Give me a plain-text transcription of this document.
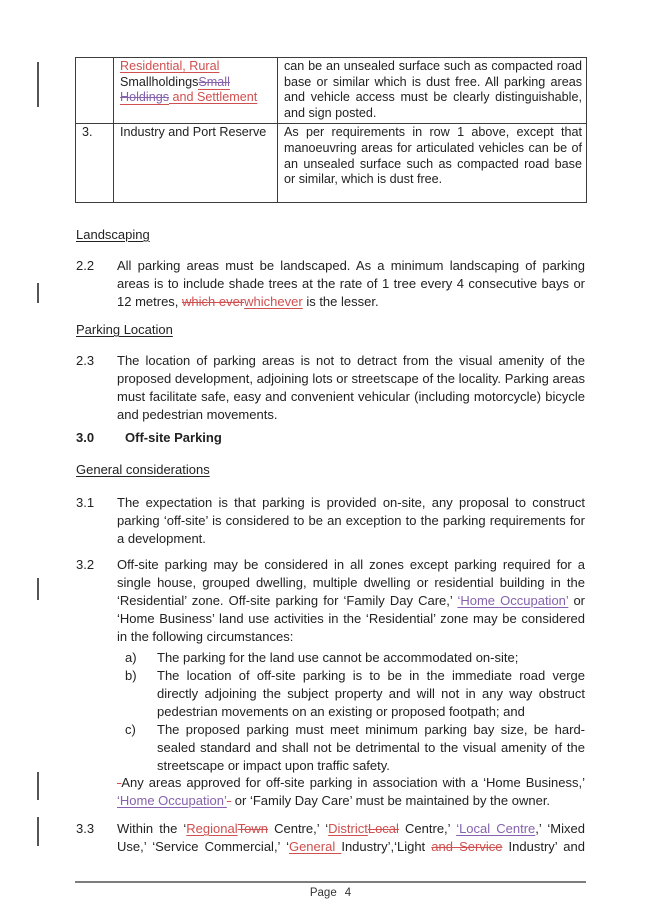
	Residential, Rural
SmallholdingsSmall
Holdings and Settlement	can be an unsealed surface such as compacted road base or similar which is dust free. All parking areas and vehicle access must be clearly distinguishable, and sign posted.
3.	Industry and Port Reserve	As per requirements in row 1 above, except that manoeuvring areas for articulated vehicles can be of an unsealed surface such as compacted road base or similar, which is dust free.
Landscaping
2.2 All parking areas must be landscaped. As a minimum landscaping of parking areas is to include shade trees at the rate of 1 tree every 4 consecutive bays or 12 metres, which everwhichever is the lesser.
Parking Location
2.3 The location of parking areas is not to detract from the visual amenity of the proposed development, adjoining lots or streetscape of the locality. Parking areas must facilitate safe, easy and convenient vehicular (including motorcycle) bicycle and pedestrian movements.
3.0 Off-site Parking
General considerations
3.1 The expectation is that parking is provided on-site, any proposal to construct parking ‘off-site’ is considered to be an exception to the parking requirements for a development.
3.2 Off-site parking may be considered in all zones except parking required for a single house, grouped dwelling, multiple dwelling or residential building in the ‘Residential’ zone. Off-site parking for ‘Family Day Care,’ ‘Home Occupation’ or ‘Home Business’ land use activities in the ‘Residential’ zone may be considered in the following circumstances:
a) The parking for the land use cannot be accommodated on-site;
b) The location of off-site parking is to be in the immediate road verge directly adjoining the subject property and will not in any way obstruct pedestrian movements on an existing or proposed footpath; and
c) The proposed parking must meet minimum parking bay size, be hard-sealed standard and shall not be detrimental to the visual amenity of the streetscape or impact upon traffic safety.
-Any areas approved for off-site parking in association with a ‘Home Business,’ ‘Home Occupation’- or ‘Family Day Care’ must be maintained by the owner.
3.3 Within the ‘RegionalTown Centre,’ ‘DistrictLocal Centre,’ ‘Local Centre,’ ‘Mixed Use,’ ‘Service Commercial,’ ‘General Industry’,‘Light and Service Industry’ and
Page 4
